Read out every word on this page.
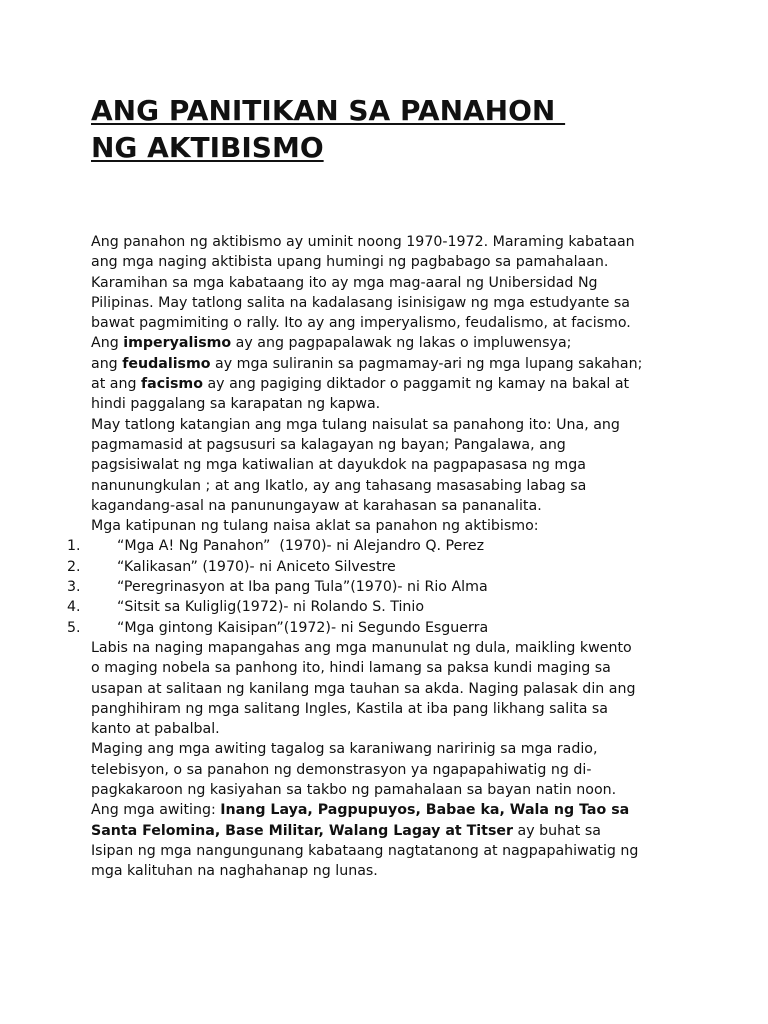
ANG PANITIKAN SA PANAHON
NG AKTIBISMO
Ang panahon ng aktibismo ay uminit noong 1970-1972. Maraming kabataan
ang mga naging aktibista upang humingi ng pagbabago sa pamahalaan.
Karamihan sa mga kabataang ito ay mga mag-aaral ng Unibersidad Ng
Pilipinas. May tatlong salita na kadalasang isinisigaw ng mga estudyante sa
bawat pagmimiting o rally. Ito ay ang imperyalismo, feudalismo, at facismo.
Ang imperyalismo ay ang pagpapalawak ng lakas o impluwensya;
ang feudalismo ay mga suliranin sa pagmamay-ari ng mga lupang sakahan;
at ang facismo ay ang pagiging diktador o paggamit ng kamay na bakal at
hindi paggalang sa karapatan ng kapwa.
May tatlong katangian ang mga tulang naisulat sa panahong ito: Una, ang
pagmamasid at pagsusuri sa kalagayan ng bayan; Pangalawa, ang
pagsisiwalat ng mga katiwalian at dayukdok na pagpapasasa ng mga
nanunungkulan ; at ang Ikatlo, ay ang tahasang masasabing labag sa
kagandang-asal na panunungayaw at karahasan sa pananalita.
Mga katipunan ng tulang naisa aklat sa panahon ng aktibismo:
1.	“Mga A! Ng Panahon”  (1970)- ni Alejandro Q. Perez
2.	“Kalikasan” (1970)- ni Aniceto Silvestre
3.	“Peregrinasyon at Iba pang Tula”(1970)- ni Rio Alma
4.	“Sitsit sa Kuliglig(1972)- ni Rolando S. Tinio
5.	“Mga gintong Kaisipan”(1972)- ni Segundo Esguerra
Labis na naging mapangahas ang mga manunulat ng dula, maikling kwento
o maging nobela sa panhong ito, hindi lamang sa paksa kundi maging sa
usapan at salitaan ng kanilang mga tauhan sa akda. Naging palasak din ang
panghihiram ng mga salitang Ingles, Kastila at iba pang likhang salita sa
kanto at pabalbal.
Maging ang mga awiting tagalog sa karaniwang naririnig sa mga radio,
telebisyon, o sa panahon ng demonstrasyon ya ngapapahiwatig ng di-
pagkakaroon ng kasiyahan sa takbo ng pamahalaan sa bayan natin noon.
Ang mga awiting: Inang Laya, Pagpupuyos, Babae ka, Wala ng Tao sa
Santa Felomina, Base Militar, Walang Lagay at Titser ay buhat sa
Isipan ng mga nangungunang kabataang nagtatanong at nagpapahiwatig ng
mga kalituhan na naghahanap ng lunas.
